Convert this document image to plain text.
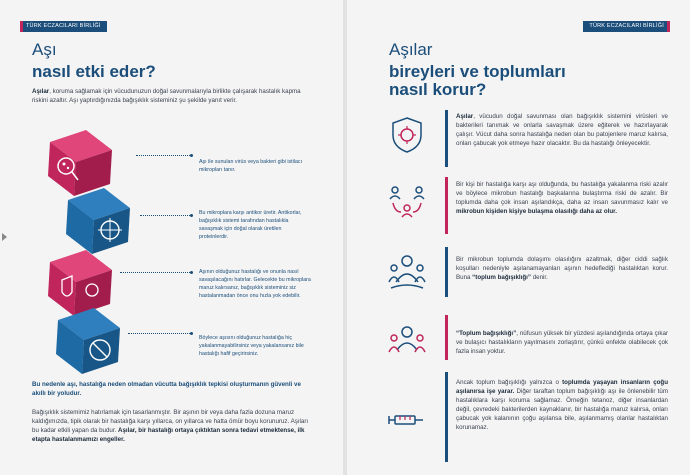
TÜRK ECZACILARI BİRLİĞİ	TÜRK ECZACILARI BİRLİĞİ
Aşı
nasıl etki eder?
Aşılar, koruma sağlamak için vücudunuzun doğal savunmalarıyla birlikte çalışarak hastalık kapma riskini azaltır. Aşı yaptırdığınızda bağışıklık sisteminiz şu şekilde yanıt verir.
Aşı ile sunulan virüs veya bakteri gibi istilacı mikropları tanır.
Bu mikroplara karşı antikor üretir. Antikorlar, bağışıklık sistemi tarafından hastalıkla savaşmak için doğal olarak üretilen proteinlerdir.
Aşının olduğunuz hastalığı ve onunla nasıl savaşılacağını hatırlar. Gelecekte bu mikroplara maruz kalırsanız, bağışıklık sisteminiz siz hastalanmadan önce onu hızla yok edebilir.
Böylece aşısını olduğunuz hastalığa hiç yakalanmayabilirsiniz veya yakalansanız bile hastalığı hafif geçirirsiniz.
Bu nedenle aşı, hastalığa neden olmadan vücutta bağışıklık tepkisi oluşturmanın güvenli ve akıllı bir yoludur.
Bağışıklık sistemimiz hatırlamak için tasarlanmıştır. Bir aşının bir veya daha fazla dozuna maruz kaldığımızda, tipik olarak bir hastalığa karşı yıllarca, on yıllarca ve hatta ömür boyu korunuruz. Aşıları bu kadar etkili yapan da budur. Aşılar, bir hastalığı ortaya çıktıktan sonra tedavi etmektense, ilk etapta hastalanmamızı engeller.
Aşılar
bireyleri ve toplumları
nasıl korur?
Aşılar, vücudun doğal savunması olan bağışıklık sistemini virüsleri ve bakterileri tanımak ve onlarla savaşmak üzere eğiterek ve hazırlayarak çalışır. Vücut daha sonra hastalığa neden olan bu patojenlere maruz kalırsa, onları çabucak yok etmeye hazır olacaktır. Bu da hastalığı önleyecektir.
Bir kişi bir hastalığa karşı aşı olduğunda, bu hastalığa yakalanma riski azalır ve böylece mikrobun hastalığı başkalarına bulaştırma riski de azalır. Bir toplumda daha çok insan aşılandıkça, daha az insan savunmasız kalır ve mikrobun kişiden kişiye bulaşma olasılığı daha az olur.
Bir mikrobun toplumda dolaşımı olasılığını azaltmak, diğer ciddi sağlık koşulları nedeniyle aşılanamayanları aşının hedeflediği hastalıktan korur. Buna “toplum bağışıklığı” denir.
“Toplum bağışıklığı”, nüfusun yüksek bir yüzdesi aşılandığında ortaya çıkar ve bulaşıcı hastalıkların yayılmasını zorlaştırır, çünkü enfekte olabilecek çok fazla insan yoktur.
Ancak toplum bağışıklığı yalnızca o toplumda yaşayan insanların çoğu aşılanırsa işe yarar. Diğer taraftan toplum bağışıklığı aşı ile önlenebilir tüm hastalıklara karşı koruma sağlamaz. Örneğin tetanoz, diğer insanlardan değil, çevredeki bakterilerden kaynaklanır, bir hastalığa maruz kalırsa, onları çabucak yok kalanının çoğu aşılansa bile, aşılanmamış olanlar hastalıktan korunamaz.
